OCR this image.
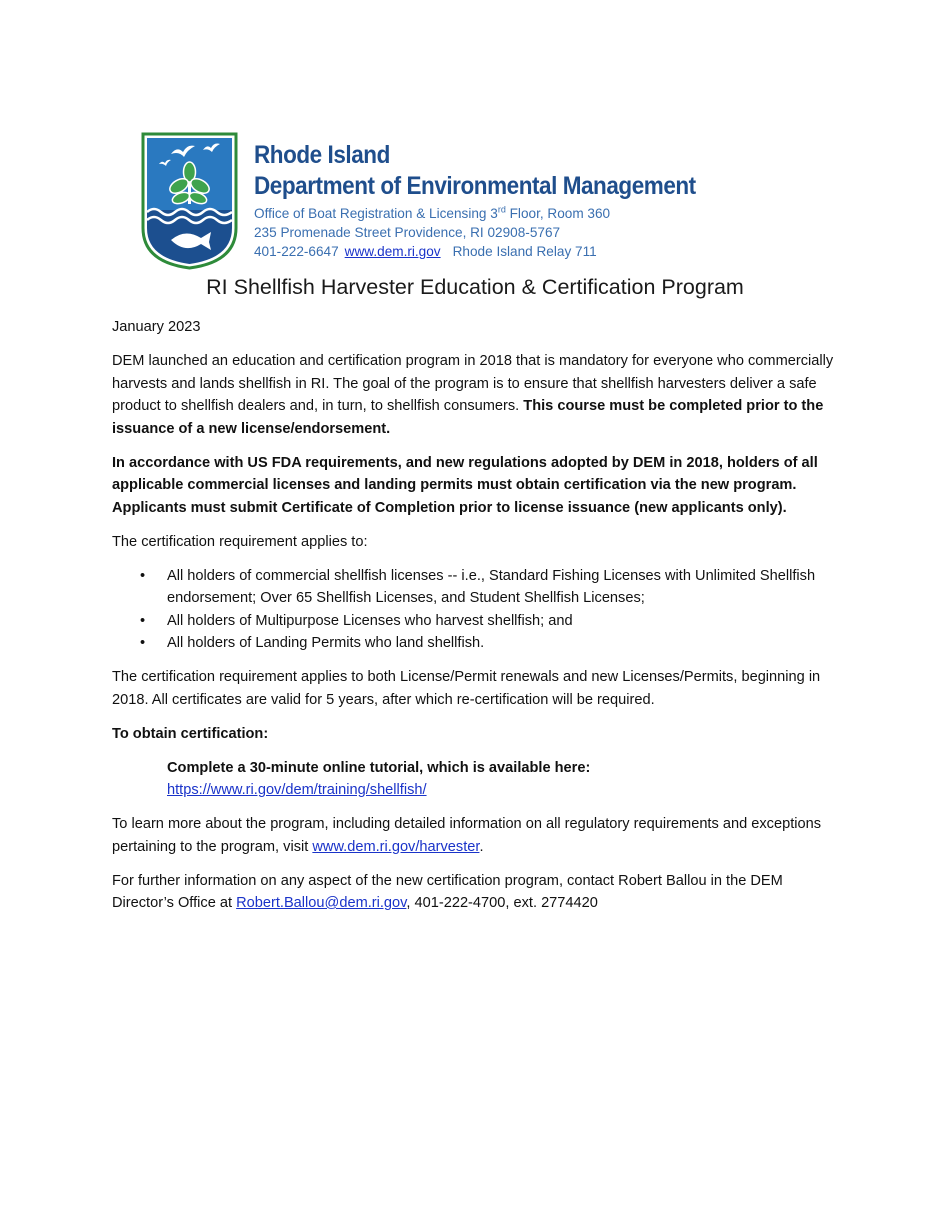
Rhode Island
Department of Environmental Management
Office of Boat Registration & Licensing 3rd Floor, Room 360
235 Promenade Street Providence, RI 02908-5767
401-222-6647 www.dem.ri.gov Rhode Island Relay 711
RI Shellfish Harvester Education & Certification Program

January 2023

DEM launched an education and certification program in 2018 that is mandatory for everyone who commercially harvests and lands shellfish in RI. The goal of the program is to ensure that shellfish harvesters deliver a safe product to shellfish dealers and, in turn, to shellfish consumers. This course must be completed prior to the issuance of a new license/endorsement.

In accordance with US FDA requirements, and new regulations adopted by DEM in 2018, holders of all applicable commercial licenses and landing permits must obtain certification via the new program. Applicants must submit Certificate of Completion prior to license issuance (new applicants only).

The certification requirement applies to:

• All holders of commercial shellfish licenses -- i.e., Standard Fishing Licenses with Unlimited Shellfish endorsement; Over 65 Shellfish Licenses, and Student Shellfish Licenses;
• All holders of Multipurpose Licenses who harvest shellfish; and
• All holders of Landing Permits who land shellfish.

The certification requirement applies to both License/Permit renewals and new Licenses/Permits, beginning in 2018. All certificates are valid for 5 years, after which re-certification will be required.

To obtain certification:

Complete a 30-minute online tutorial, which is available here:
https://www.ri.gov/dem/training/shellfish/

To learn more about the program, including detailed information on all regulatory requirements and exceptions pertaining to the program, visit www.dem.ri.gov/harvester.

For further information on any aspect of the new certification program, contact Robert Ballou in the DEM Director’s Office at Robert.Ballou@dem.ri.gov, 401-222-4700, ext. 2774420
